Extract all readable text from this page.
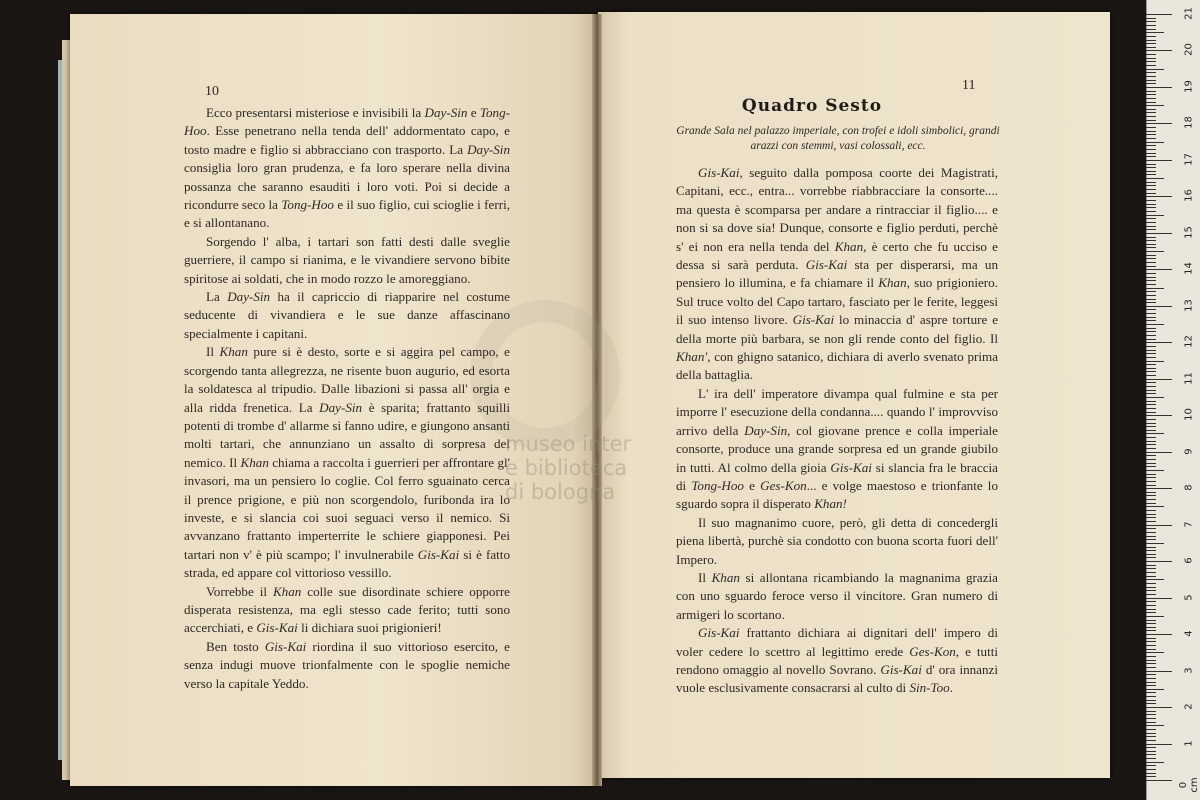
10

Ecco presentarsi misteriose e invisibili la Day-Sin e Tong-Hoo. Esse penetrano nella tenda dell' addormentato capo, e tosto madre e figlio si abbracciano con trasporto. La Day-Sin consiglia loro gran prudenza, e fa loro sperare nella divina possanza che saranno esauditi i loro voti. Poi si decide a ricondurre seco la Tong-Hoo e il suo figlio, cui scioglie i ferri, e si allontanano.

Sorgendo l' alba, i tartari son fatti desti dalle sveglie guerriere, il campo si rianima, e le vivandiere servono bibite spiritose ai soldati, che in modo rozzo le amoreggiano.

La Day-Sin ha il capriccio di riapparire nel costume seducente di vivandiera e le sue danze affascinano specialmente i capitani.

Il Khan pure si è desto, sorte e si aggira pel campo, e scorgendo tanta allegrezza, ne risente buon augurio, ed esorta la soldatesca al tripudio. Dalle libazioni si passa all' orgia e alla ridda frenetica. La Day-Sin è sparita; frattanto squilli potenti di trombe d' allarme si fanno udire, e giungono ansanti molti tartari, che annunziano un assalto di sorpresa del nemico. Il Khan chiama a raccolta i guerrieri per affrontare gl' invasori, ma un pensiero lo coglie. Col ferro sguainato cerca il prence prigione, e più non scorgendolo, furibonda ira lo investe, e si slancia coi suoi seguaci verso il nemico. Si avvanzano frattanto imperterrite le schiere giapponesi. Pei tartari non v' è più scampo; l' invulnerabile Gis-Kai si è fatto strada, ed appare col vittorioso vessillo.

Vorrebbe il Khan colle sue disordinate schiere opporre disperata resistenza, ma egli stesso cade ferito; tutti sono accerchiati, e Gis-Kai li dichiara suoi prigionieri!

Ben tosto Gis-Kai riordina il suo vittorioso esercito, e senza indugi muove trionfalmente con le spoglie nemiche verso la capitale Yeddo.

11
Quadro Sesto
Grande Sala nel palazzo imperiale, con trofei e idoli simbolici, grandi arazzi con stemmi, vasi colossali, ecc.

Gis-Kai, seguito dalla pomposa coorte dei Magistrati, Capitani, ecc., entra... vorrebbe riabbracciare la consorte.... ma questa è scomparsa per andare a rintracciar il figlio.... e non si sa dove sia! Dunque, consorte e figlio perduti, perchè s' ei non era nella tenda del Khan, è certo che fu ucciso e dessa si sarà perduta. Gis-Kai sta per disperarsi, ma un pensiero lo illumina, e fa chiamare il Khan, suo prigioniero. Sul truce volto del Capo tartaro, fasciato per le ferite, leggesi il suo intenso livore. Gis-Kai lo minaccia d' aspre torture e della morte più barbara, se non gli rende conto del figlio. Il Khan', con ghigno satanico, dichiara di averlo svenato prima della battaglia.

L' ira dell' imperatore divampa qual fulmine e sta per imporre l' esecuzione della condanna.... quando l' improvviso arrivo della Day-Sin, col giovane prence e colla imperiale consorte, produce una grande sorpresa ed un grande giubilo in tutti. Al colmo della gioia Gis-Kai si slancia fra le braccia di Tong-Hoo e Ges-Kon... e volge maestoso e trionfante lo sguardo sopra il disperato Khan!

Il suo magnanimo cuore, però, gli detta di concedergli piena libertà, purchè sia condotto con buona scorta fuori dell' Impero.

Il Khan si allontana ricambiando la magnanima grazia con uno sguardo feroce verso il vincitore. Gran numero di armigeri lo scortano.

Gis-Kai frattanto dichiara ai dignitari dell' impero di voler cedere lo scettro al legittimo erede Ges-Kon, e tutti rendono omaggio al novello Sovrano. Gis-Kai d' ora innanzi vuole esclusivamente consacrarsi al culto di Sin-Too.

museo inter
e biblioteca
di bologna
21
20
19
18
17
16
15
14
13
12
11
10
9
8
7
6
5
4
3
2
1
0 cm
